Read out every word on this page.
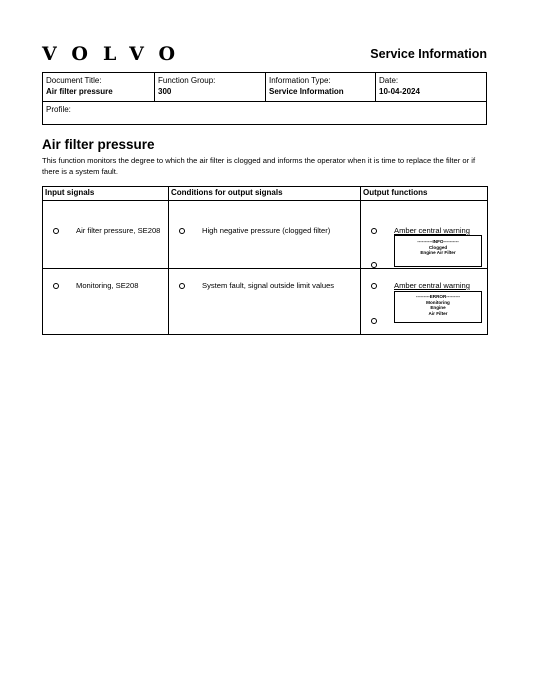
VOLVO	Service Information
Document Title:
Air filter pressure
Function Group:
300
Information Type:
Service Information
Date:
10-04-2024
Profile:
Air filter pressure
This function monitors the degree to which the air filter is clogged and informs the operator when it is time to replace the filter or if there is a system fault.
Input signals	Conditions for output signals	Output functions
Air filter pressure, SE208	High negative pressure (clogged filter)	Amber central warning
----------INFO----------
Clogged
Engine Air Filter
Monitoring, SE208	System fault, signal outside limit values	Amber central warning
---------ERROR---------
Monitoring
Engine
Air Filter
